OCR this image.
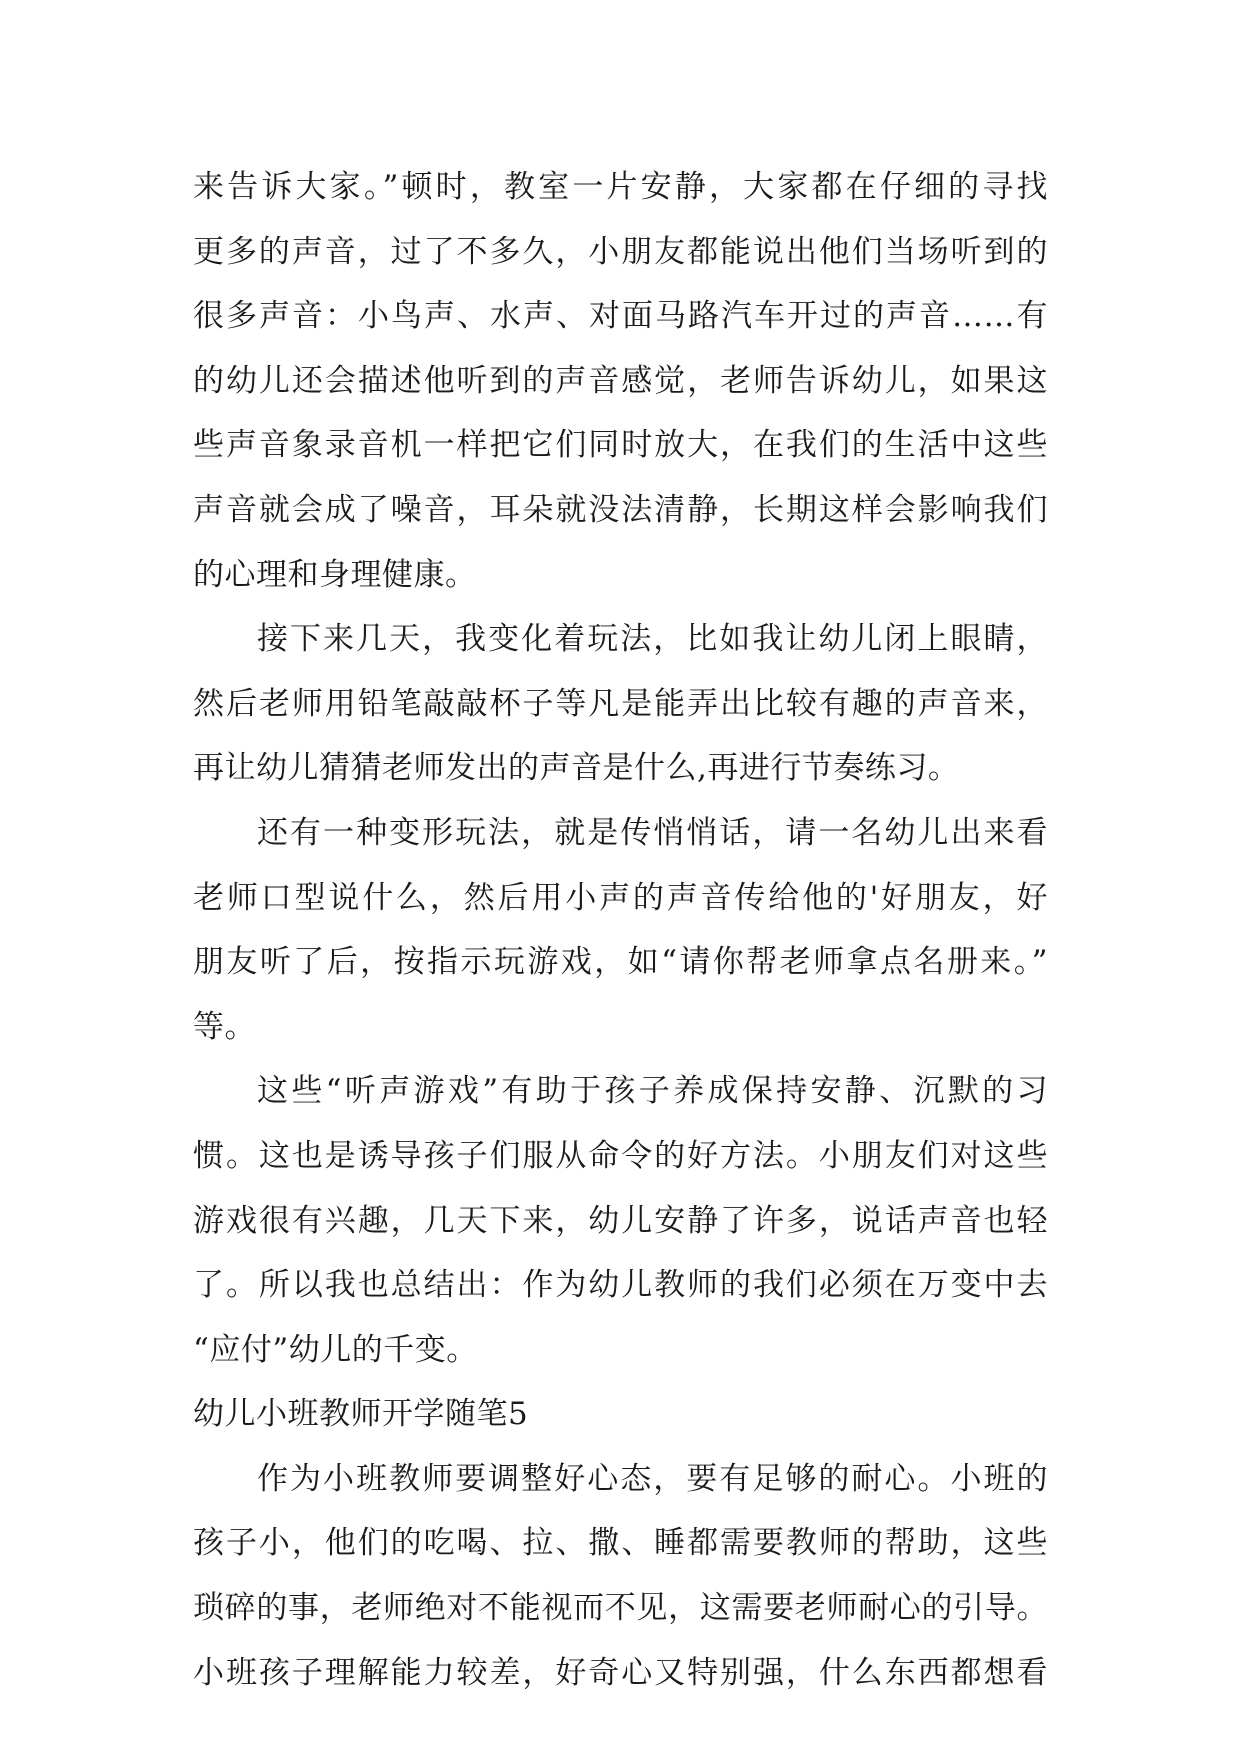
来告诉大家。”顿时，教室一片安静，大家都在仔细的寻找
更多的声音，过了不多久，小朋友都能说出他们当场听到的
很多声音：小鸟声、水声、对面马路汽车开过的声音……有
的幼儿还会描述他听到的声音感觉，老师告诉幼儿，如果这
些声音象录音机一样把它们同时放大，在我们的生活中这些
声音就会成了噪音，耳朵就没法清静，长期这样会影响我们
的心理和身理健康。
接下来几天，我变化着玩法，比如我让幼儿闭上眼睛，
然后老师用铅笔敲敲杯子等凡是能弄出比较有趣的声音来，
再让幼儿猜猜老师发出的声音是什么,再进行节奏练习。
还有一种变形玩法，就是传悄悄话，请一名幼儿出来看
老师口型说什么，然后用小声的声音传给他的'好朋友，好
朋友听了后，按指示玩游戏，如“请你帮老师拿点名册来。”
等。
这些“听声游戏”有助于孩子养成保持安静、沉默的习
惯。这也是诱导孩子们服从命令的好方法。小朋友们对这些
游戏很有兴趣，几天下来，幼儿安静了许多，说话声音也轻
了。所以我也总结出：作为幼儿教师的我们必须在万变中去
“应付”幼儿的千变。
幼儿小班教师开学随笔5
作为小班教师要调整好心态，要有足够的耐心。小班的
孩子小，他们的吃喝、拉、撒、睡都需要教师的帮助，这些
琐碎的事，老师绝对不能视而不见，这需要老师耐心的引导。
小班孩子理解能力较差，好奇心又特别强，什么东西都想看
